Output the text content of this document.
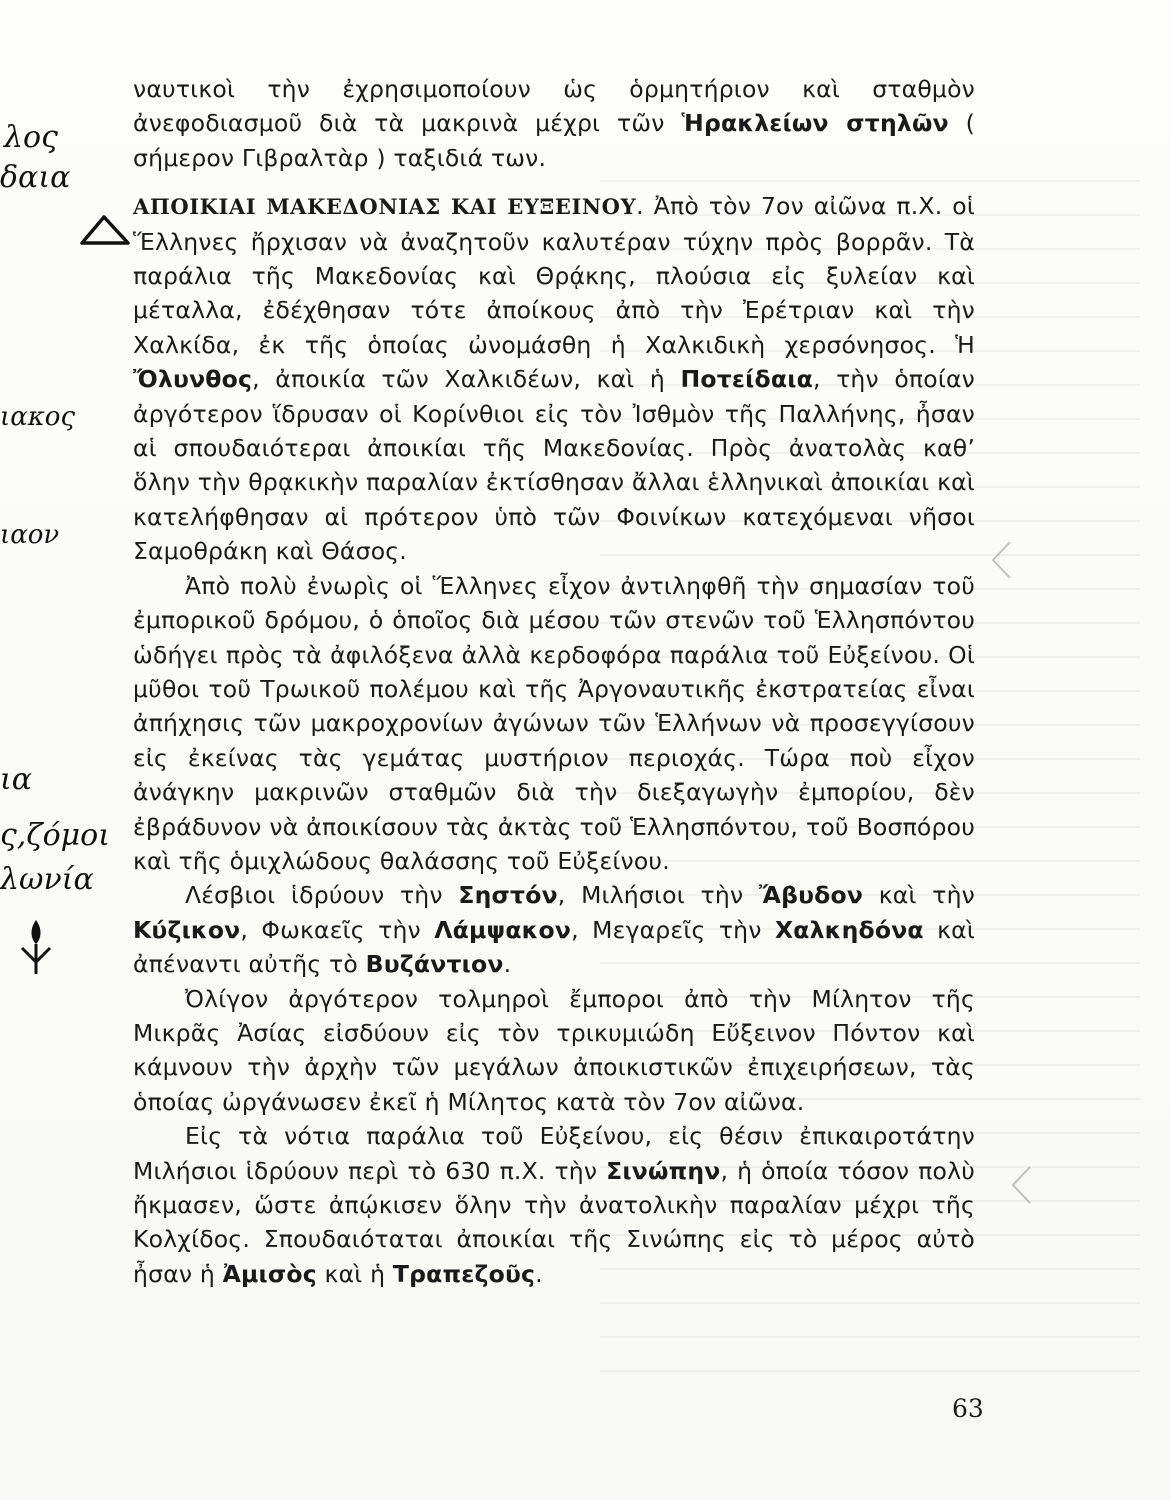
ναυτικοὶ τὴν ἐχρησιμοποίουν ὡς ὁρμητήριον καὶ σταθμὸν ἀνεφοδιασμοῦ διὰ τὰ μακρινὰ μέχρι τῶν Ἡρακλείων στηλῶν ( σήμερον Γιβραλτὰρ ) ταξιδιά των.

ΑΠΟΙΚΙΑΙ ΜΑΚΕΔΟΝΙΑΣ ΚΑΙ ΕΥΞΕΙΝΟΥ. Ἀπὸ τὸν 7ον αἰῶνα π.Χ. οἱ Ἕλληνες ἤρχισαν νὰ ἀναζητοῦν καλυτέραν τύχην πρὸς βορρᾶν. Τὰ παράλια τῆς Μακεδονίας καὶ Θρᾴκης, πλούσια εἰς ξυλείαν καὶ μέταλλα, ἐδέχθησαν τότε ἀποίκους ἀπὸ τὴν Ἐρέτριαν καὶ τὴν Χαλκίδα, ἐκ τῆς ὁποίας ὠνομάσθη ἡ Χαλκιδικὴ χερσόνησος. Ἡ Ὄλυνθος, ἀποικία τῶν Χαλκιδέων, καὶ ἡ Ποτείδαια, τὴν ὁποίαν ἀργότερον ἵδρυσαν οἱ Κορίνθιοι εἰς τὸν Ἰσθμὸν τῆς Παλλήνης, ἦσαν αἱ σπουδαιότεραι ἀποικίαι τῆς Μακεδονίας. Πρὸς ἀνατολὰς καθ’ ὅλην τὴν θρᾳκικὴν παραλίαν ἐκτίσθησαν ἄλλαι ἑλληνικαὶ ἀποικίαι καὶ κατελήφθησαν αἱ πρότερον ὑπὸ τῶν Φοινίκων κατεχόμεναι νῆσοι Σαμοθράκη καὶ Θάσος.

Ἀπὸ πολὺ ἐνωρὶς οἱ Ἕλληνες εἶχον ἀντιληφθῆ τὴν σημασίαν τοῦ ἐμπορικοῦ δρόμου, ὁ ὁποῖος διὰ μέσου τῶν στενῶν τοῦ Ἑλλησπόντου ὡδήγει πρὸς τὰ ἀφιλόξενα ἀλλὰ κερδοφόρα παράλια τοῦ Εὐξείνου. Οἱ μῦθοι τοῦ Τρωικοῦ πολέμου καὶ τῆς Ἀργοναυτικῆς ἐκστρατείας εἶναι ἀπήχησις τῶν μακροχρονίων ἀγώνων τῶν Ἑλλήνων νὰ προσεγγίσουν εἰς ἐκείνας τὰς γεμάτας μυστήριον περιοχάς. Τώρα ποὺ εἶχον ἀνάγκην μακρινῶν σταθμῶν διὰ τὴν διεξαγωγὴν ἐμπορίου, δὲν ἐβράδυνον νὰ ἀποικίσουν τὰς ἀκτὰς τοῦ Ἑλλησπόντου, τοῦ Βοσπόρου καὶ τῆς ὁμιχλώδους θαλάσσης τοῦ Εὐξείνου.

Λέσβιοι ἱδρύουν τὴν Σηστόν, Μιλήσιοι τὴν Ἄβυδον καὶ τὴν Κύζικον, Φωκαεῖς τὴν Λάμψακον, Μεγαρεῖς τὴν Χαλκηδόνα καὶ ἀπέναντι αὐτῆς τὸ Βυζάντιον.

Ὀλίγον ἀργότερον τολμηροὶ ἔμποροι ἀπὸ τὴν Μίλητον τῆς Μικρᾶς Ἀσίας εἰσδύουν εἰς τὸν τρικυμιώδη Εὔξεινον Πόντον καὶ κάμνουν τὴν ἀρχὴν τῶν μεγάλων ἀποικιστικῶν ἐπιχειρήσεων, τὰς ὁποίας ὠργάνωσεν ἐκεῖ ἡ Μίλητος κατὰ τὸν 7ον αἰῶνα.

Εἰς τὰ νότια παράλια τοῦ Εὐξείνου, εἰς θέσιν ἐπικαιροτάτην Μιλήσιοι ἱδρύουν περὶ τὸ 630 π.Χ. τὴν Σινώπην, ἡ ὁποία τόσον πολὺ ἤκμασεν, ὥστε ἀπῴκισεν ὅλην τὴν ἀνατολικὴν παραλίαν μέχρι τῆς Κολχίδος. Σπουδαιόταται ἀποικίαι τῆς Σινώπης εἰς τὸ μέρος αὐτὸ ἦσαν ἡ Ἀμισὸς καὶ ἡ Τραπεζοῦς.

63
λος
δαια
ιακος
ιαον
ια
ς,ζόμοι
λωνία
